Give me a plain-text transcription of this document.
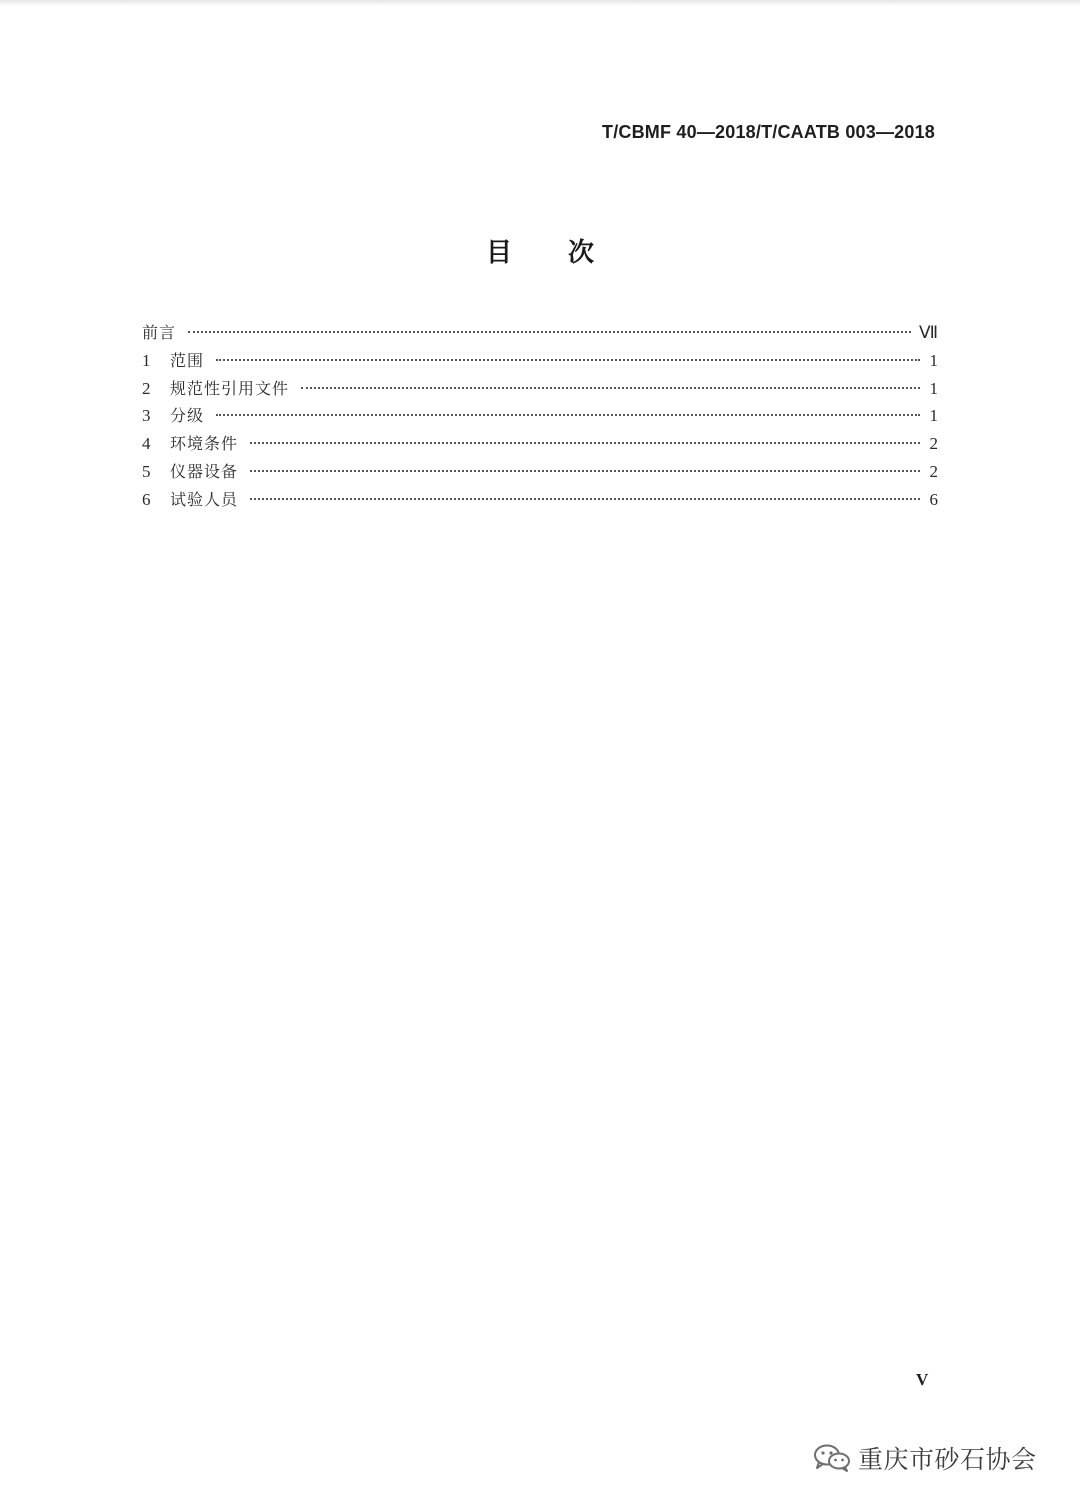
T/CBMF 40—2018/T/CAATB 003—2018
目 次
前言	Ⅶ
1	范围	1
2	规范性引用文件	1
3	分级	1
4	环境条件	2
5	仪器设备	2
6	试验人员	6
V
重庆市砂石协会
